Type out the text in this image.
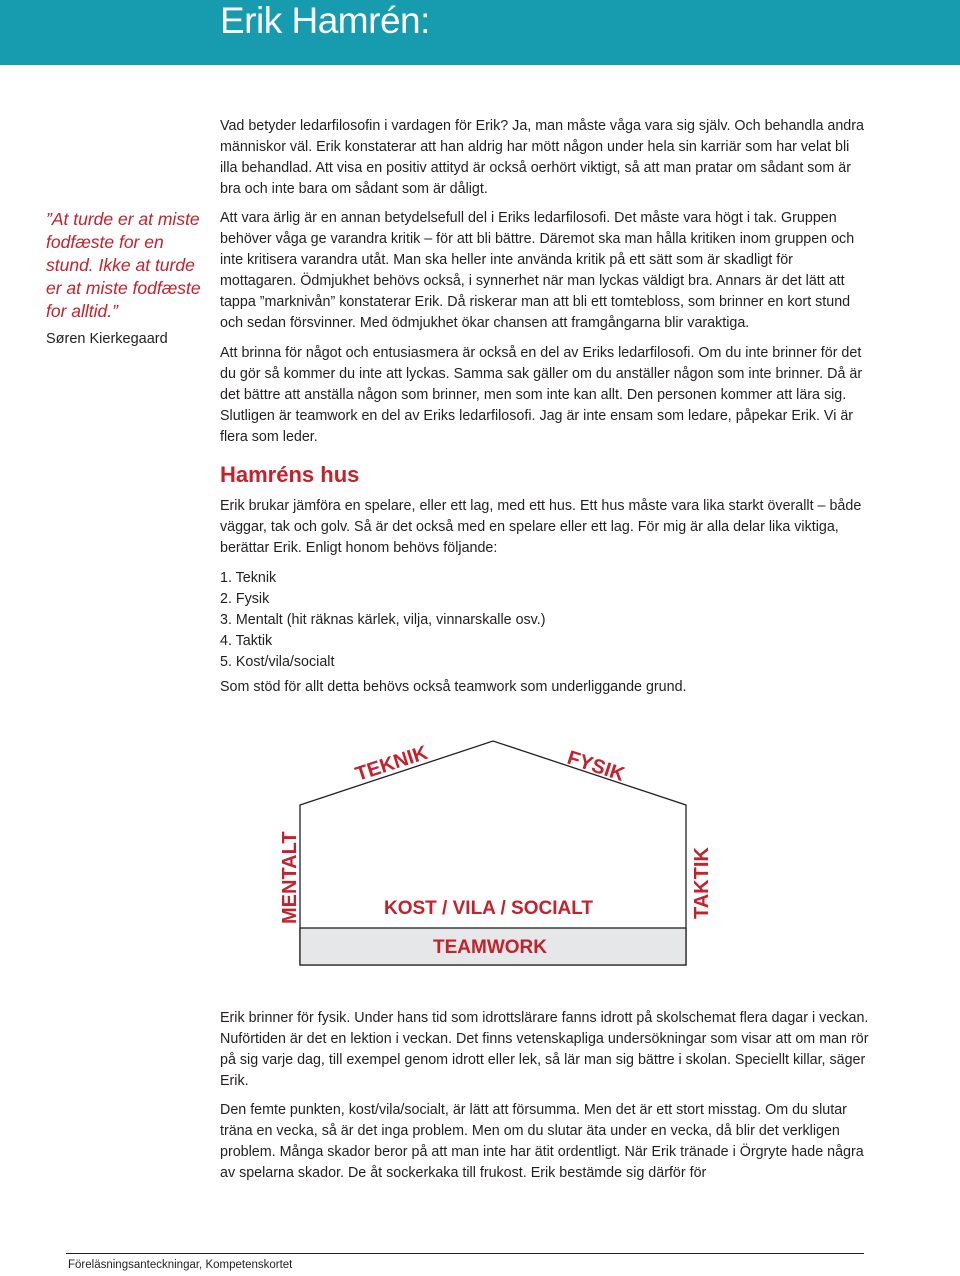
Erik Hamrén:
”At turde er at miste fodfæste for en stund. Ikke at turde er at miste fodfæste for alltid.”
Søren Kierkegaard

Vad betyder ledarfilosofin i vardagen för Erik? Ja, man måste våga vara sig själv. Och behandla andra människor väl. Erik konstaterar att han aldrig har mött någon under hela sin karriär som har velat bli illa behandlad. Att visa en positiv attityd är också oerhört viktigt, så att man pratar om sådant som är bra och inte bara om sådant som är dåligt.

Att vara ärlig är en annan betydelsefull del i Eriks ledarfilosofi. Det måste vara högt i tak. Gruppen behöver våga ge varandra kritik – för att bli bättre. Däremot ska man hålla kritiken inom gruppen och inte kritisera varandra utåt. Man ska heller inte använda kritik på ett sätt som är skadligt för mottagaren. Ödmjukhet behövs också, i synnerhet när man lyckas väldigt bra. Annars är det lätt att tappa ”marknivån” konstaterar Erik. Då riskerar man att bli ett tomtebloss, som brinner en kort stund och sedan försvinner. Med ödmjukhet ökar chansen att framgångarna blir varaktiga.

Att brinna för något och entusiasmera är också en del av Eriks ledarfilosofi. Om du inte brinner för det du gör så kommer du inte att lyckas. Samma sak gäller om du anställer någon som inte brinner. Då är det bättre att anställa någon som brinner, men som inte kan allt. Den personen kommer att lära sig. Slutligen är teamwork en del av Eriks ledarfilosofi. Jag är inte ensam som ledare, påpekar Erik. Vi är flera som leder.

Hamréns hus

Erik brukar jämföra en spelare, eller ett lag, med ett hus. Ett hus måste vara lika starkt överallt – både väggar, tak och golv. Så är det också med en spelare eller ett lag. För mig är alla delar lika viktiga, berättar Erik. Enligt honom behövs följande:

1. Teknik
2. Fysik
3. Mentalt (hit räknas kärlek, vilja, vinnarskalle osv.)
4. Taktik
5. Kost/vila/socialt

Som stöd för allt detta behövs också teamwork som underliggande grund.

TEKNIK	FYSIK
MENTALT	TAKTIK
KOST / VILA / SOCIALT
TEAMWORK

Erik brinner för fysik. Under hans tid som idrottslärare fanns idrott på skolschemat flera dagar i veckan. Nuförtiden är det en lektion i veckan. Det finns vetenskapliga undersökningar som visar att om man rör på sig varje dag, till exempel genom idrott eller lek, så lär man sig bättre i skolan. Speciellt killar, säger Erik.

Den femte punkten, kost/vila/socialt, är lätt att försumma. Men det är ett stort misstag. Om du slutar träna en vecka, så är det inga problem. Men om du slutar äta under en vecka, då blir det verkligen problem. Många skador beror på att man inte har ätit ordentligt. När Erik tränade i Örgryte hade några av spelarna skador. De åt sockerkaka till frukost. Erik bestämde sig därför för

Föreläsningsanteckningar, Kompetenskortet
